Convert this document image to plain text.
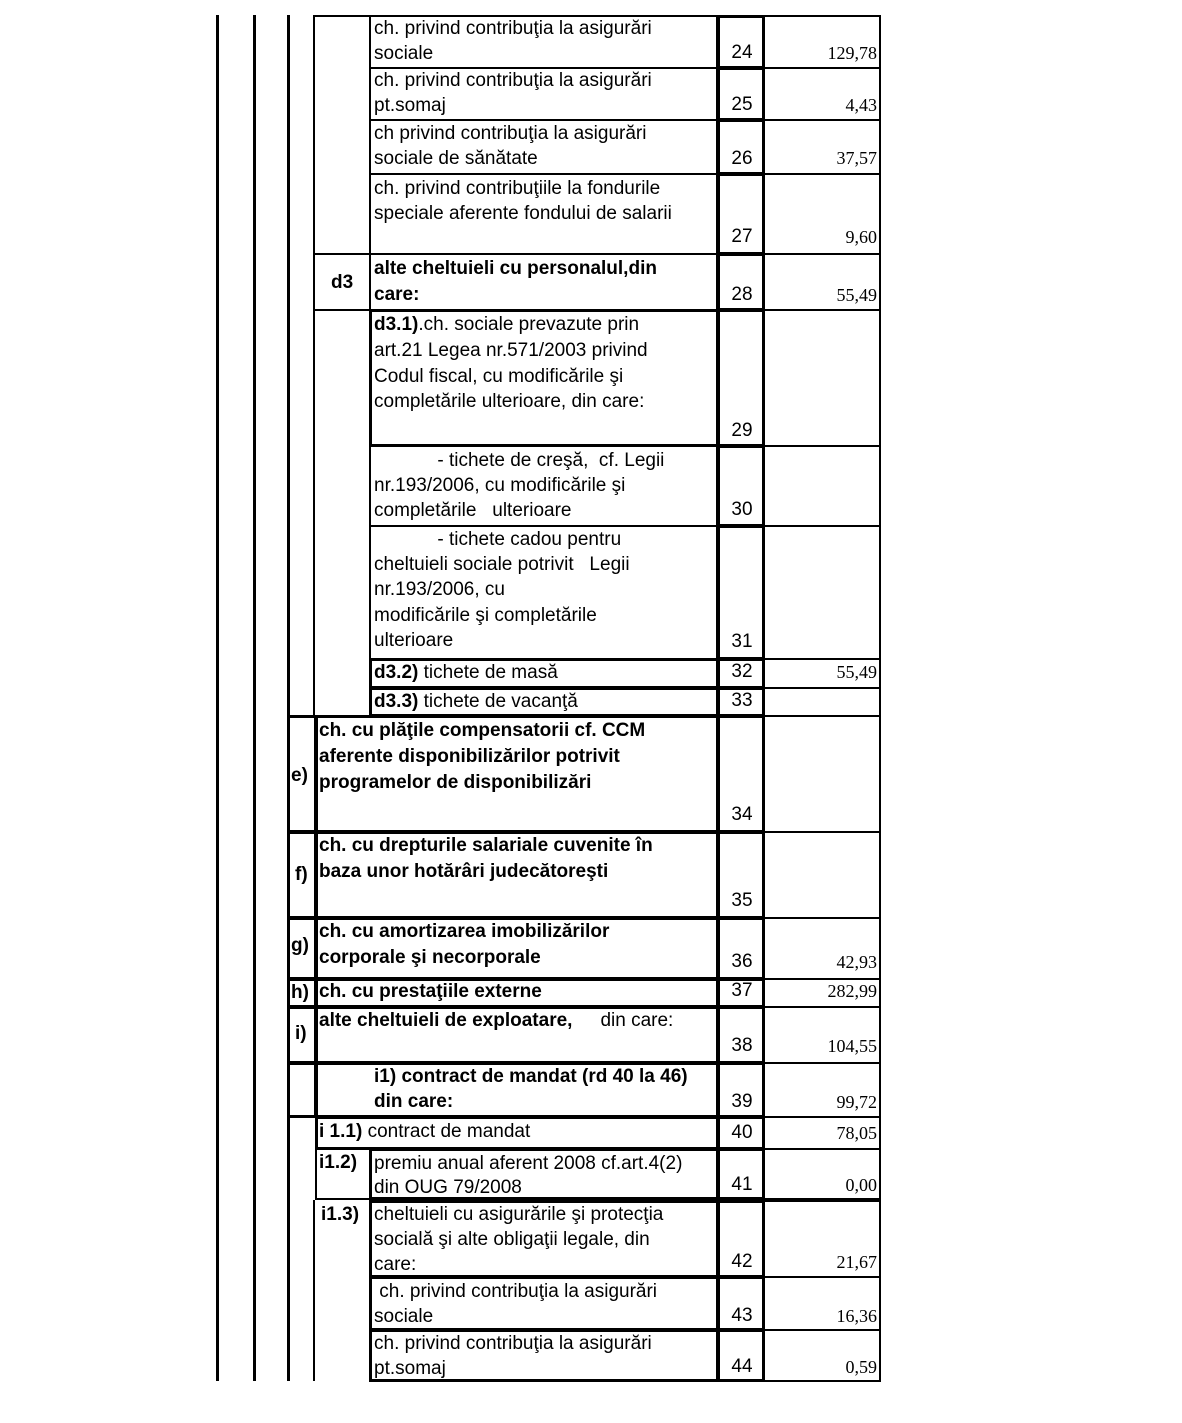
ch. privind contribuţia la asigurări
sociale	24	129,78
ch. privind contribuţia la asigurări
pt.somaj	25	4,43
ch privind contribuţia la asigurări
sociale de sănătate	26	37,57
ch. privind contribuţiile la fondurile
speciale aferente fondului de salarii
27	9,60
d3
alte cheltuieli cu personalul,din
care:	28	55,49
d3.1).ch. sociale prevazute prin
art.21 Legea nr.571/2003 privind
Codul fiscal, cu modificările şi
completările ulterioare, din care:
29
- tichete de creşă,  cf. Legii
nr.193/2006, cu modificările şi
completările   ulterioare	30
- tichete cadou pentru
cheltuieli sociale potrivit   Legii
nr.193/2006, cu
modificările şi completările
ulterioare	31
d3.2) tichete de masă	32	55,49
d3.3) tichete de vacanţă	33
e)
ch. cu plăţile compensatorii cf. CCM
aferente disponibilizărilor potrivit
programelor de disponibilizări
34
f)
ch. cu drepturile salariale cuvenite în
baza unor hotărâri judecătoreşti
35
g)
ch. cu amortizarea imobilizărilor
corporale şi necorporale	36	42,93
h) ch. cu prestaţiile externe	37	282,99
i)
alte cheltuieli de exploatare, din care:
38	104,55
i1) contract de mandat (rd 40 la 46)
din care:	39	99,72
i 1.1) contract de mandat	40	78,05
i1.2) premiu anual aferent 2008 cf.art.4(2)
din OUG 79/2008	41	0,00
i1.3) cheltuieli cu asigurările şi protecţia
socială şi alte obligaţii legale, din
care:	42	21,67
ch. privind contribuţia la asigurări
sociale	43	16,36
ch. privind contribuţia la asigurări
pt.somaj	44	0,59
